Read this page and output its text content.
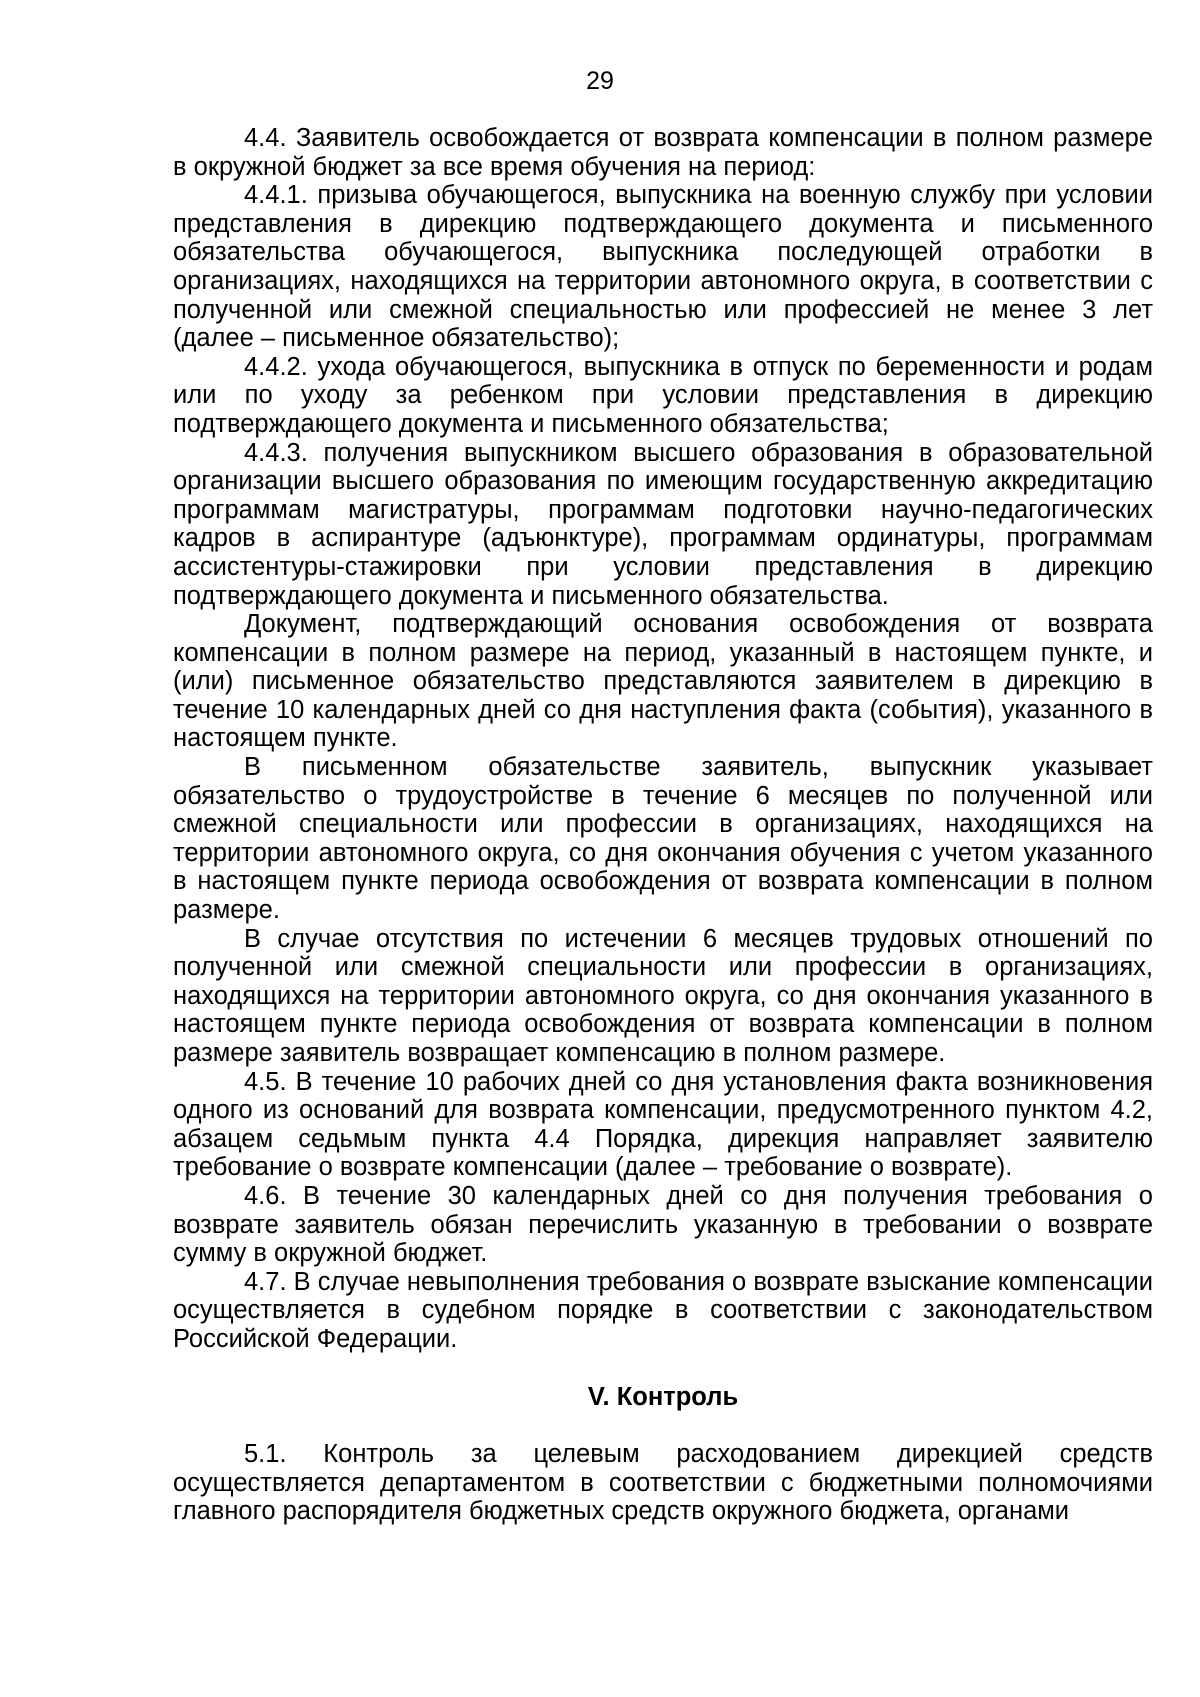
29

4.4. Заявитель освобождается от возврата компенсации в полном размере в окружной бюджет за все время обучения на период:

4.4.1. призыва обучающегося, выпускника на военную службу при условии представления в дирекцию подтверждающего документа и письменного обязательства обучающегося, выпускника последующей отработки в организациях, находящихся на территории автономного округа, в соответствии с полученной или смежной специальностью или профессией не менее 3 лет (далее – письменное обязательство);

4.4.2. ухода обучающегося, выпускника в отпуск по беременности и родам или по уходу за ребенком при условии представления в дирекцию подтверждающего документа и письменного обязательства;

4.4.3. получения выпускником высшего образования в образовательной организации высшего образования по имеющим государственную аккредитацию программам магистратуры, программам подготовки научно-педагогических кадров в аспирантуре (адъюнктуре), программам ординатуры, программам ассистентуры-стажировки при условии представления в дирекцию подтверждающего документа и письменного обязательства.

Документ, подтверждающий основания освобождения от возврата компенсации в полном размере на период, указанный в настоящем пункте, и (или) письменное обязательство представляются заявителем в дирекцию в течение 10 календарных дней со дня наступления факта (события), указанного в настоящем пункте.

В письменном обязательстве заявитель, выпускник указывает обязательство о трудоустройстве в течение 6 месяцев по полученной или смежной специальности или профессии в организациях, находящихся на территории автономного округа, со дня окончания обучения с учетом указанного в настоящем пункте периода освобождения от возврата компенсации в полном размере.

В случае отсутствия по истечении 6 месяцев трудовых отношений по полученной или смежной специальности или профессии в организациях, находящихся на территории автономного округа, со дня окончания указанного в настоящем пункте периода освобождения от возврата компенсации в полном размере заявитель возвращает компенсацию в полном размере.

4.5. В течение 10 рабочих дней со дня установления факта возникновения одного из оснований для возврата компенсации, предусмотренного пунктом 4.2, абзацем седьмым пункта 4.4 Порядка, дирекция направляет заявителю требование о возврате компенсации (далее – требование о возврате).

4.6. В течение 30 календарных дней со дня получения требования о возврате заявитель обязан перечислить указанную в требовании о возврате сумму в окружной бюджет.

4.7. В случае невыполнения требования о возврате взыскание компенсации осуществляется в судебном порядке в соответствии с законодательством Российской Федерации.

V. Контроль

5.1. Контроль за целевым расходованием дирекцией средств осуществляется департаментом в соответствии с бюджетными полномочиями главного распорядителя бюджетных средств окружного бюджета, органами
